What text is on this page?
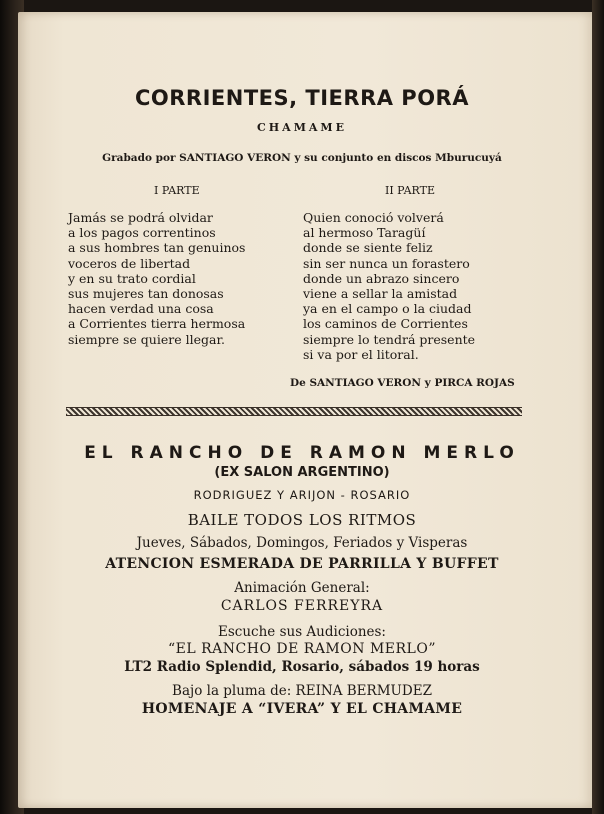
CORRIENTES, TIERRA PORÁ
CHAMAME
Grabado por SANTIAGO VERON y su conjunto en discos Mburucuyá
I PARTE	II PARTE
Jamás se podrá olvidar
a los pagos correntinos
a sus hombres tan genuinos
voceros de libertad
y en su trato cordial
sus mujeres tan donosas
hacen verdad una cosa
a Corrientes tierra hermosa
siempre se quiere llegar.
Quien conoció volverá
al hermoso Taragüí
donde se siente feliz
sin ser nunca un forastero
donde un abrazo sincero
viene a sellar la amistad
ya en el campo o la ciudad
los caminos de Corrientes
siempre lo tendrá presente
si va por el litoral.
De SANTIAGO VERON y PIRCA ROJAS
EL RANCHO DE RAMON MERLO
(EX SALON ARGENTINO)
RODRIGUEZ Y ARIJON - ROSARIO
BAILE TODOS LOS RITMOS
Jueves, Sábados, Domingos, Feriados y Visperas
ATENCION ESMERADA DE PARRILLA Y BUFFET
Animación General:
CARLOS FERREYRA
Escuche sus Audiciones:
“EL RANCHO DE RAMON MERLO”
LT2 Radio Splendid, Rosario, sábados 19 horas
Bajo la pluma de: REINA BERMUDEZ
HOMENAJE A “IVERA” Y EL CHAMAME
